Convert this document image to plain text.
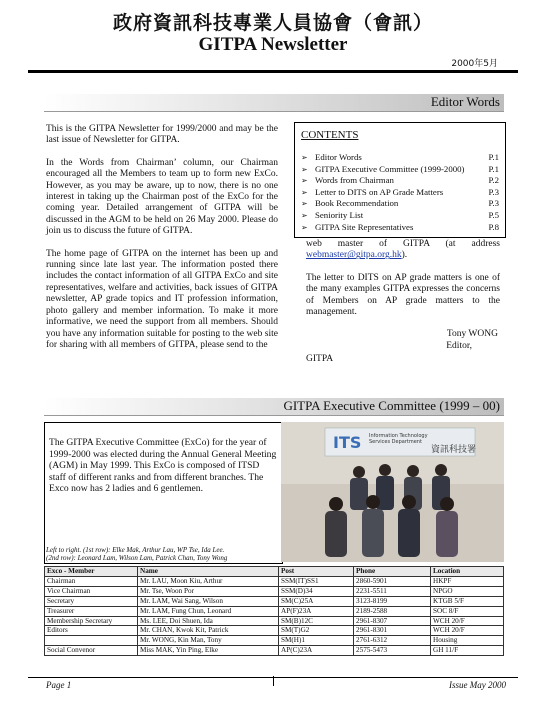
政府資訊科技專業人員協會（會訊）
GITPA Newsletter
2000年5月
Editor Words

This is the GITPA Newsletter for 1999/2000 and may be the last issue of Newsletter for GITPA.

In the Words from Chairman’ column, our Chairman encouraged all the Members to team up to form new ExCo. However, as you may be aware, up to now, there is no one interest in taking up the Chairman post of the ExCo for the coming year. Detailed arrangement of GITPA will be discussed in the AGM to be held on 26 May 2000. Please do join us to discuss the future of GITPA.

The home page of GITPA on the internet has been up and running since late last year. The information posted there includes the contact information of all GITPA ExCo and site representatives, welfare and activities, back issues of GITPA newsletter, AP grade topics and IT profession information, photo gallery and member information. To make it more informative, we need the support from all members. Should you have any information suitable for posting to the web site for sharing with all members of GITPA, please send to the

CONTENTS
➢ Editor Words	P.1
➢ GITPA Executive Committee (1999-2000)	P.1
➢ Words from Chairman	P.2
➢ Letter to DITS on AP Grade Matters	P.3
➢ Book Recommendation	P.3
➢ Seniority List	P.5
➢ GITPA Site Representatives	P.8

web master of GITPA (at address webmaster@gitpa.org.hk).

The letter to DITS on AP grade matters is one of the many examples GITPA expresses the concerns of Members on AP grade matters to the management.

Tony WONG
Editor,
GITPA
GITPA Executive Committee (1999 – 00)
The GITPA Executive Committee (ExCo) for the year of 1999-2000 was elected during the Annual General Meeting (AGM) in May 1999. This ExCo is composed of ITSD staff of different ranks and from different branches. The Exco now has 2 ladies and 6 gentlemen.
Left to right. (1st row): Elke Mak, Arthur Lau, WP Tse, Ida Lee.
(2nd row): Leonard Lam, Wilson Lam, Patrick Chan, Tony Wong
ITS Information Technology
Services Department
資訊科技署
Exco - Member	Name	Post	Phone	Location
Chairman	Mr. LAU, Moon Kiu, Arthur	SSM(IT)SS1	2860-5901	HKPF
Vice Chairman	Mr. Tse, Woon Por	SSM(D)34	2231-5511	NPGO
Secretary	Mr. LAM, Wai Sang, Wilson	SM(C)25A	3123-8199	KTGB 5/F
Treasurer	Mr. LAM, Fung Chun, Leonard	AP(F)23A	2189-2588	SOC 8/F
Membership Secretary	Ms. LEE, Doi Shuen, Ida	SM(B)12C	2961-8307	WCH 20/F
Editors	Mr. CHAN, Kwok Kit, Patrick	SM(T)G2	2961-8301	WCH 20/F
	Mr. WONG, Kin Man, Tony	SM(H)1	2761-6312	Housing
Social Convenor	Miss MAK, Yin Ping, Elke	AP(C)23A	2575-5473	GH 11/F
Page 1	Issue May 2000
